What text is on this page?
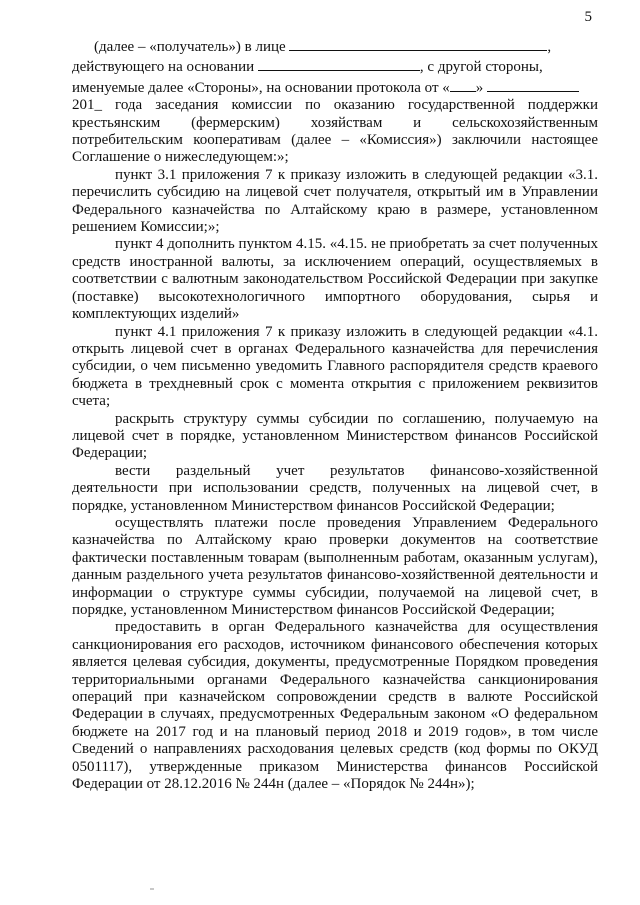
5

(далее – «получатель») в лице	,

действующего на основании	, с другой стороны,

именуемые далее «Стороны», на основании протокола от « »

201_ года заседания комиссии по оказанию государственной поддержки крестьянским (фермерским) хозяйствам и сельскохозяйственным потребительским кооперативам (далее – «Комиссия») заключили настоящее Соглашение о нижеследующем:»;

пункт 3.1 приложения 7 к приказу изложить в следующей редакции «3.1. перечислить субсидию на лицевой счет получателя, открытый им в Управлении Федерального казначейства по Алтайскому краю в размере, установленном решением Комиссии;»;

пункт 4 дополнить пунктом 4.15. «4.15. не приобретать за счет полученных средств иностранной валюты, за исключением операций, осуществляемых в соответствии с валютным законодательством Российской Федерации при закупке (поставке) высокотехнологичного импортного оборудования, сырья и комплектующих изделий»

пункт 4.1 приложения 7 к приказу изложить в следующей редакции «4.1. открыть лицевой счет в органах Федерального казначейства для перечисления субсидии, о чем письменно уведомить Главного распорядителя средств краевого бюджета в трехдневный срок с момента открытия с приложением реквизитов счета;

раскрыть структуру суммы субсидии по соглашению, получаемую на лицевой счет в порядке, установленном Министерством финансов Российской Федерации;

вести раздельный учет результатов финансово-хозяйственной деятельности при использовании средств, полученных на лицевой счет, в порядке, установленном Министерством финансов Российской Федерации;

осуществлять платежи после проведения Управлением Федерального казначейства по Алтайскому краю проверки документов на соответствие фактически поставленным товарам (выполненным работам, оказанным услугам), данным раздельного учета результатов финансово-хозяйственной деятельности и информации о структуре суммы субсидии, получаемой на лицевой счет, в порядке, установленном Министерством финансов Российской Федерации;

предоставить в орган Федерального казначейства для осуществления санкционирования его расходов, источником финансового обеспечения которых является целевая субсидия, документы, предусмотренные Порядком проведения территориальными органами Федерального казначейства санкционирования операций при казначейском сопровождении средств в валюте Российской Федерации в случаях, предусмотренных Федеральным законом «О федеральном бюджете на 2017 год и на плановый период 2018 и 2019 годов», в том числе Сведений о направлениях расходования целевых средств (код формы по ОКУД 0501117), утвержденные приказом Министерства финансов Российской Федерации от 28.12.2016 № 244н (далее – «Порядок № 244н»);
